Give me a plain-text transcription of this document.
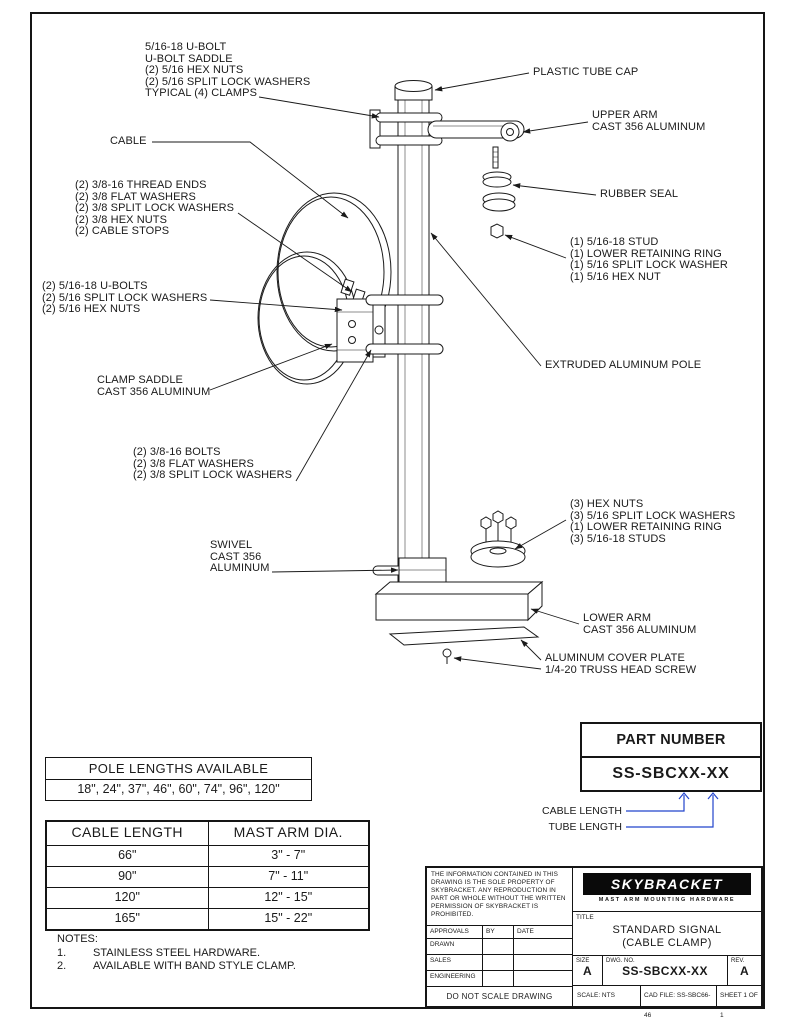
5/16-18 U-BOLT
U-BOLT SADDLE
(2) 5/16 HEX NUTS
(2) 5/16 SPLIT LOCK WASHERS
TYPICAL (4) CLAMPS
CABLE
(2) 3/8-16 THREAD ENDS
(2) 3/8 FLAT WASHERS
(2) 3/8 SPLIT LOCK WASHERS
(2) 3/8 HEX NUTS
(2) CABLE STOPS
(2) 5/16-18 U-BOLTS
(2) 5/16 SPLIT LOCK WASHERS
(2) 5/16 HEX NUTS
CLAMP SADDLE
CAST 356 ALUMINUM
(2) 3/8-16 BOLTS
(2) 3/8 FLAT WASHERS
(2) 3/8 SPLIT LOCK WASHERS
SWIVEL
CAST 356
ALUMINUM
PLASTIC TUBE CAP
UPPER ARM
CAST 356 ALUMINUM
RUBBER SEAL
(1) 5/16-18 STUD
(1) LOWER RETAINING RING
(1) 5/16 SPLIT LOCK WASHER
(1) 5/16 HEX NUT
EXTRUDED ALUMINUM POLE
(3) HEX NUTS
(3) 5/16 SPLIT LOCK WASHERS
(1) LOWER RETAINING RING
(3) 5/16-18 STUDS
LOWER ARM
CAST 356 ALUMINUM
ALUMINUM COVER PLATE
1/4-20 TRUSS HEAD SCREW
PART NUMBER
SS-SBCXX-XX
CABLE LENGTH
TUBE LENGTH
POLE LENGTHS AVAILABLE
18", 24", 37", 46", 60", 74", 96", 120"
CABLE LENGTH	MAST ARM DIA.
66"	3" - 7"
90"	7" - 11"
120"	12" - 15"
165"	15" - 22"
NOTES:
1.	STAINLESS STEEL HARDWARE.
2.	AVAILABLE WITH BAND STYLE CLAMP.
THE INFORMATION CONTAINED IN THIS DRAWING IS THE SOLE PROPERTY OF SKYBRACKET. ANY REPRODUCTION IN PART OR WHOLE WITHOUT THE WRITTEN PERMISSION OF SKYBRACKET IS PROHIBITED.
APPROVALS	BY	DATE
DRAWN
SALES
ENGINEERING
DO NOT SCALE DRAWING
SKYBRACKET
MAST ARM MOUNTING HARDWARE
TITLE
STANDARD SIGNAL
(CABLE CLAMP)
SIZE
A
DWG. NO.
SS-SBCXX-XX
REV.
A
SCALE: NTS	CAD FILE: SS-SBC66-46
SHEET 1 OF 1
